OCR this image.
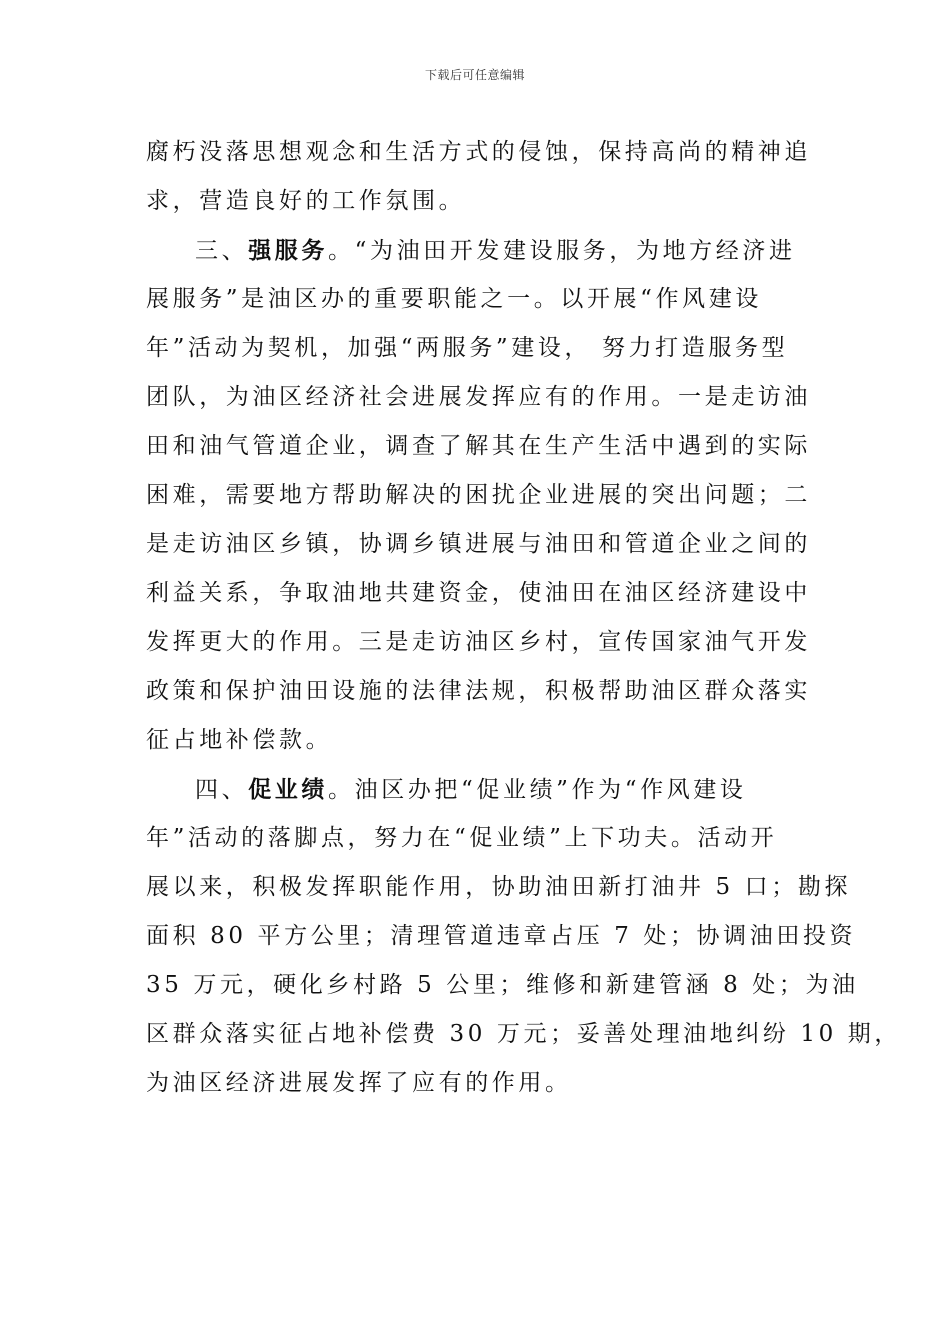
下载后可任意编辑
腐朽没落思想观念和生活方式的侵蚀，保持高尚的精神追
求，营造良好的工作氛围。
三、强服务。“为油田开发建设服务，为地方经济进
展服务”是油区办的重要职能之一。以开展“作风建设
年”活动为契机，加强“两服务”建设， 努力打造服务型
团队，为油区经济社会进展发挥应有的作用。一是走访油
田和油气管道企业，调查了解其在生产生活中遇到的实际
困难，需要地方帮助解决的困扰企业进展的突出问题；二
是走访油区乡镇，协调乡镇进展与油田和管道企业之间的
利益关系，争取油地共建资金，使油田在油区经济建设中
发挥更大的作用。三是走访油区乡村，宣传国家油气开发
政策和保护油田设施的法律法规，积极帮助油区群众落实
征占地补偿款。
四、促业绩。油区办把“促业绩”作为“作风建设
年”活动的落脚点，努力在“促业绩”上下功夫。活动开
展以来，积极发挥职能作用，协助油田新打油井 5 口；勘探
面积 80 平方公里；清理管道违章占压 7 处；协调油田投资
35 万元，硬化乡村路 5 公里；维修和新建管涵 8 处；为油
区群众落实征占地补偿费 30 万元；妥善处理油地纠纷 10 期，
为油区经济进展发挥了应有的作用。
